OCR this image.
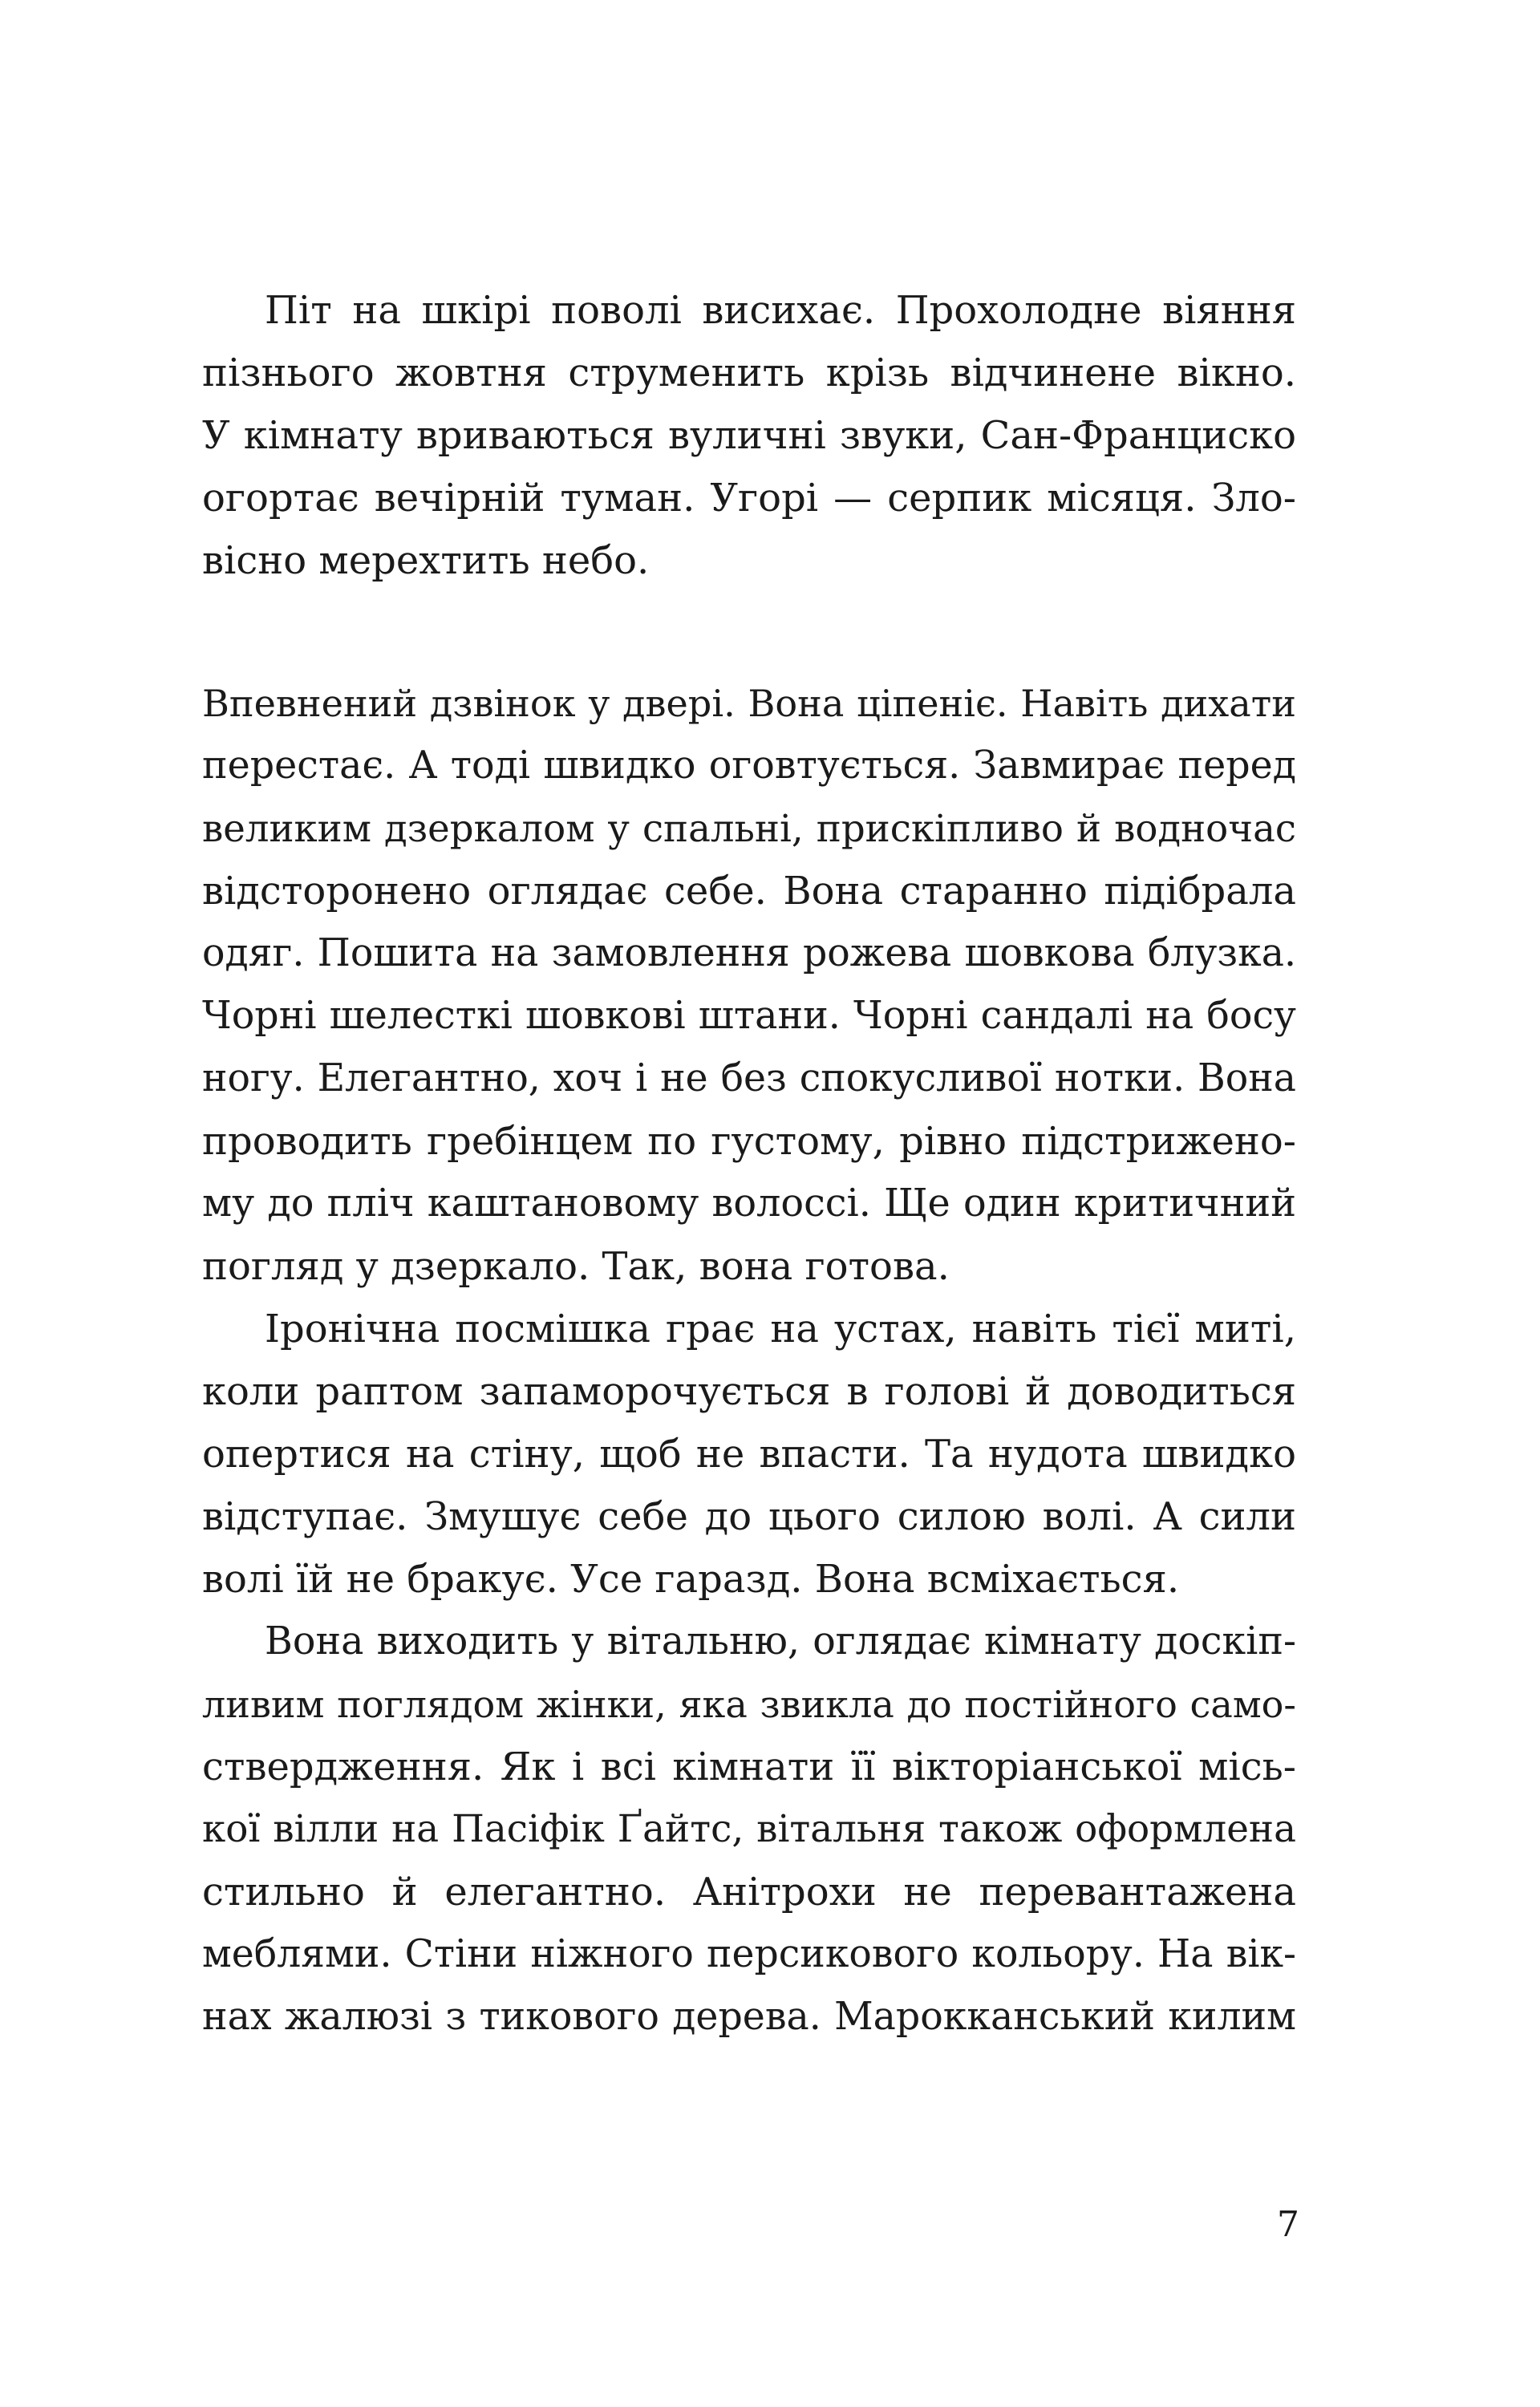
Піт на шкірі поволі висихає. Прохолодне віяння
пізнього жовтня струменить крізь відчинене вікно.
У кімнату вриваються вуличні звуки, Сан-Франциско
огортає вечірній туман. Угорі — серпик місяця. Зло-
вісно мерехтить небо.
Впевнений дзвінок у двері. Вона ціпеніє. Навіть дихати
перестає. А тоді швидко оговтується. Завмирає перед
великим дзеркалом у спальні, прискіпливо й водночас
відсторонено оглядає себе. Вона старанно підібрала
одяг. Пошита на замовлення рожева шовкова блузка.
Чорні шелесткі шовкові штани. Чорні сандалі на босу
ногу. Елегантно, хоч і не без спокусливої нотки. Вона
проводить гребінцем по густому, рівно підстрижено-
му до пліч каштановому волоссі. Ще один критичний
погляд у дзеркало. Так, вона готова.
Іронічна посмішка грає на устах, навіть тієї миті,
коли раптом запаморочується в голові й доводиться
опертися на стіну, щоб не впасти. Та нудота швидко
відступає. Змушує себе до цього силою волі. А сили
волі їй не бракує. Усе гаразд. Вона всміхається.
Вона виходить у вітальню, оглядає кімнату доскіп-
ливим поглядом жінки, яка звикла до постійного само-
ствердження. Як і всі кімнати її вікторіанської місь-
кої вілли на Пасіфік Ґайтс, вітальня також оформлена
стильно й елегантно. Анітрохи не перевантажена
меблями. Стіни ніжного персикового кольору. На вік-
нах жалюзі з тикового дерева. Марокканський килим
7
